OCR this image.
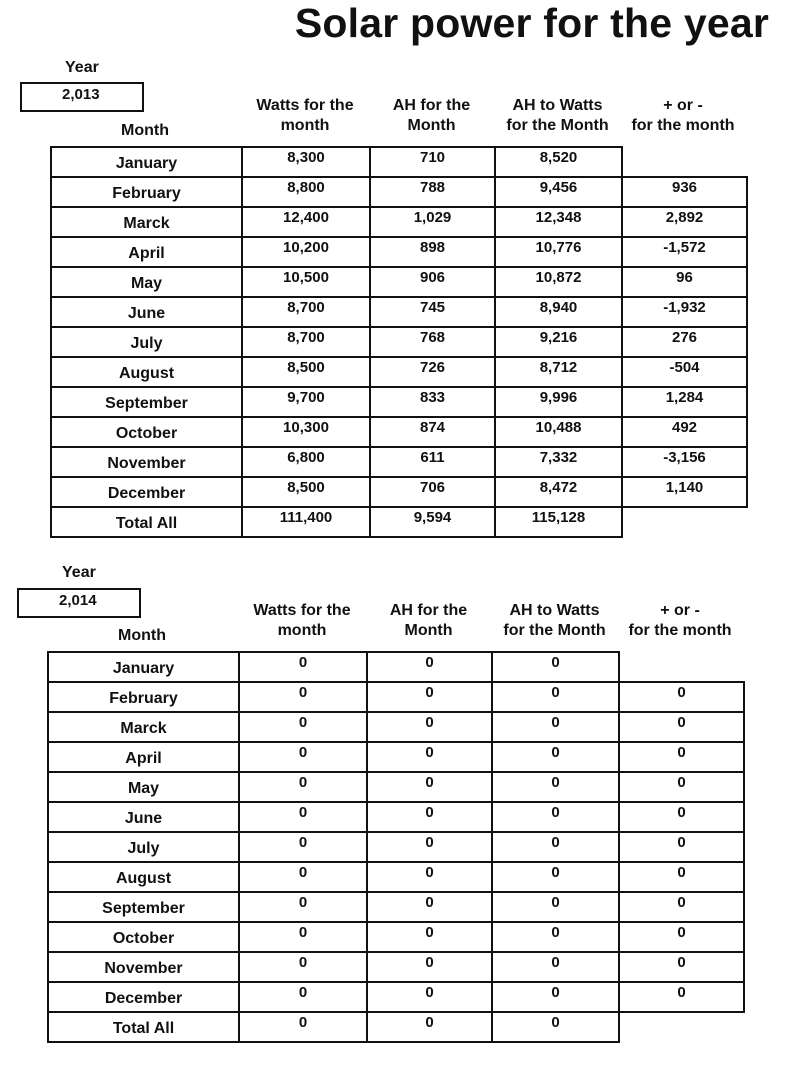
Solar power for the year
Year
2,013
Month
Watts for the
month
AH for the
Month
AH to Watts
for the Month
+ or -
for the month
January	8,300	710	8,520	
February	8,800	788	9,456	936
Marck	12,400	1,029	12,348	2,892
April	10,200	898	10,776	-1,572
May	10,500	906	10,872	96
June	8,700	745	8,940	-1,932
July	8,700	768	9,216	276
August	8,500	726	8,712	-504
September	9,700	833	9,996	1,284
October	10,300	874	10,488	492
November	6,800	611	7,332	-3,156
December	8,500	706	8,472	1,140
Total All	111,400	9,594	115,128	
Year
2,014
Month
Watts for the
month
AH for the
Month
AH to Watts
for the Month
+ or -
for the month
January	0	0	0	
February	0	0	0	0
Marck	0	0	0	0
April	0	0	0	0
May	0	0	0	0
June	0	0	0	0
July	0	0	0	0
August	0	0	0	0
September	0	0	0	0
October	0	0	0	0
November	0	0	0	0
December	0	0	0	0
Total All	0	0	0	
